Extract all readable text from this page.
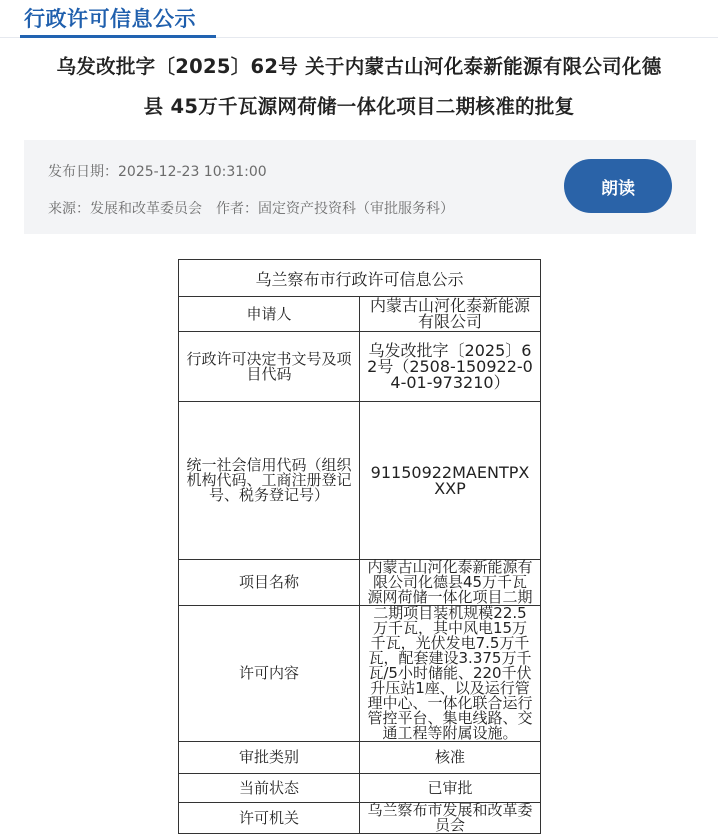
行政许可信息公示
乌发改批字〔2025〕62号 关于内蒙古山河化泰新能源有限公司化德
县 45万千瓦源网荷储一体化项目二期核准的批复
发布日期：2025-12-23 10:31:00
来源：发展和改革委员会 作者：固定资产投资科（审批服务科）
朗读
乌兰察布市行政许可信息公示	
申请人	内蒙古山河化泰新能源有限公司
行政许可决定书文号及项目代码	乌发改批字〔2025〕62号（2508-150922-04-01-973210）
统一社会信用代码（组织机构代码、工商注册登记号、税务登记号）	91150922MAENTPXXXP
项目名称	内蒙古山河化泰新能源有限公司化德县45万千瓦源网荷储一体化项目二期
许可内容	二期项目装机规模22.5万千瓦，其中风电15万千瓦，光伏发电7.5万千瓦，配套建设3.375万千瓦/5小时储能、220千伏升压站1座、以及运行管理中心、一体化联合运行管控平台、集电线路、交通工程等附属设施。
审批类别	核准
当前状态	已审批
许可机关	乌兰察布市发展和改革委员会
